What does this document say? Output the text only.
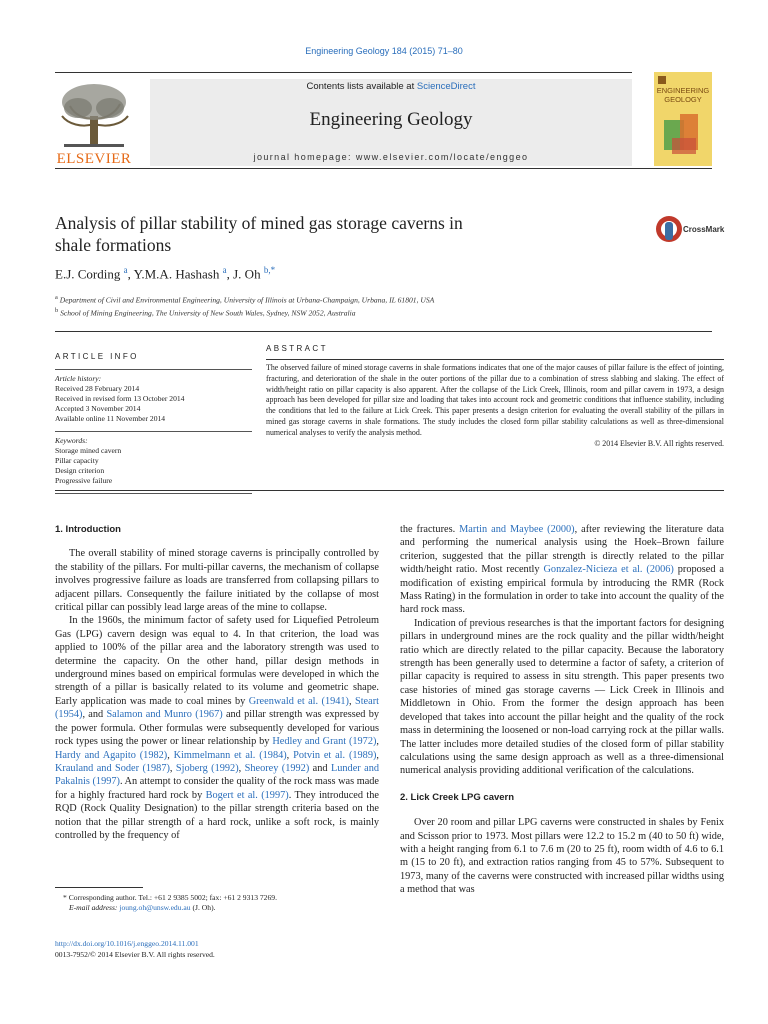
Engineering Geology 184 (2015) 71–80
ELSEVIER
Contents lists available at ScienceDirect
Engineering Geology
journal homepage: www.elsevier.com/locate/enggeo
ENGINEERING
GEOLOGY
Analysis of pillar stability of mined gas storage caverns in
shale formations
CrossMark
E.J. Cording $^a$, Y.M.A. Hashash $^a$, J. Oh $^{b,*}$
$^a$ Department of Civil and Environmental Engineering, University of Illinois at Urbana-Champaign, Urbana, IL 61801, USA
$^b$ School of Mining Engineering, The University of New South Wales, Sydney, NSW 2052, Australia
ARTICLE INFO
Article history:
Received 28 February 2014
Received in revised form 13 October 2014
Accepted 3 November 2014
Available online 11 November 2014
Keywords:
Storage mined cavern
Pillar capacity
Design criterion
Progressive failure
ABSTRACT
The observed failure of mined storage caverns in shale formations indicates that one of the major causes of pillar failure is the effect of jointing, fracturing, and deterioration of the shale in the outer portions of the pillar due to a combination of stress slabbing and slaking. The effect of width/height ratio on pillar capacity is also apparent. After the collapse of the Lick Creek, Illinois, room and pillar cavern in 1973, a design approach has been developed for pillar size and loading that takes into account rock and geometric conditions that influence stability, including the conditions that led to the failure at Lick Creek. This paper presents a design criterion for evaluating the overall stability of the pillars in mined gas storage caverns in shale formations. The study includes the closed form pillar stability calculations as well as three-dimensional numerical analyses to verify the analysis method.
© 2014 Elsevier B.V. All rights reserved.
1. Introduction

The overall stability of mined storage caverns is principally controlled by the stability of the pillars. For multi-pillar caverns, the mechanism of collapse involves progressive failure as loads are transferred from collapsing pillars to adjacent pillars. Consequently the failure initiated by the collapse of most critical pillar can possibly lead large areas of the mine to collapse.

In the 1960s, the minimum factor of safety used for Liquefied Petroleum Gas (LPG) cavern design was equal to 4. In that criterion, the load was applied to 100% of the pillar area and the laboratory strength was used to determine the capacity. On the other hand, pillar design methods in underground mines based on empirical formulas were developed in which the strength of a pillar is basically related to its volume and geometric shape. Early application was made to coal mines by Greenwald et al. (1941), Steart (1954), and Salamon and Munro (1967) and pillar strength was expressed by the power formula. Other formulas were subsequently developed for various rock types using the power or linear relationship by Hedley and Grant (1972), Hardy and Agapito (1982), Kimmelmann et al. (1984), Potvin et al. (1989), Krauland and Soder (1987), Sjoberg (1992), Sheorey (1992) and Lunder and Pakalnis (1997). An attempt to consider the quality of the rock mass was made for a highly fractured hard rock by Bogert et al. (1997). They introduced the RQD (Rock Quality Designation) to the pillar strength criteria based on the notion that the pillar strength of a hard rock, unlike a soft rock, is mainly controlled by the frequency of

the fractures. Martin and Maybee (2000), after reviewing the literature data and performing the numerical analysis using the Hoek–Brown failure criterion, suggested that the pillar strength is directly related to the pillar width/height ratio. Most recently Gonzalez-Nicieza et al. (2006) proposed a modification of existing empirical formula by introducing the RMR (Rock Mass Rating) in the formulation in order to take into account the quality of the hard rock mass.

Indication of previous researches is that the important factors for designing pillars in underground mines are the rock quality and the pillar width/height ratio which are directly related to the pillar capacity. Because the laboratory strength has been generally used to determine a factor of safety, a criterion of pillar capacity is required to assess in situ strength. This paper presents two case histories of mined gas storage caverns — Lick Creek in Illinois and Middletown in Ohio. From the former the design approach has been developed that takes into account the pillar height and the quality of the rock mass in determining the loosened or non-load carrying rock at the pillar walls. The latter includes more detailed studies of the closed form of pillar stability calculations using the same design approach as well as a three-dimensional numerical analysis providing additional verification of the calculations.

2. Lick Creek LPG cavern

Over 20 room and pillar LPG caverns were constructed in shales by Fenix and Scisson prior to 1973. Most pillars were 12.2 to 15.2 m (40 to 50 ft) wide, with a height ranging from 6.1 to 7.6 m (20 to 25 ft), room width of 4.6 to 6.1 m (15 to 20 ft), and extraction ratios ranging from 45 to 57%. Subsequent to 1973, many of the caverns were constructed with increased pillar widths using a method that was

* Corresponding author. Tel.: +61 2 9385 5002; fax: +61 2 9313 7269.
E-mail address: joung.oh@unsw.edu.au (J. Oh).
http://dx.doi.org/10.1016/j.enggeo.2014.11.001
0013-7952/© 2014 Elsevier B.V. All rights reserved.
